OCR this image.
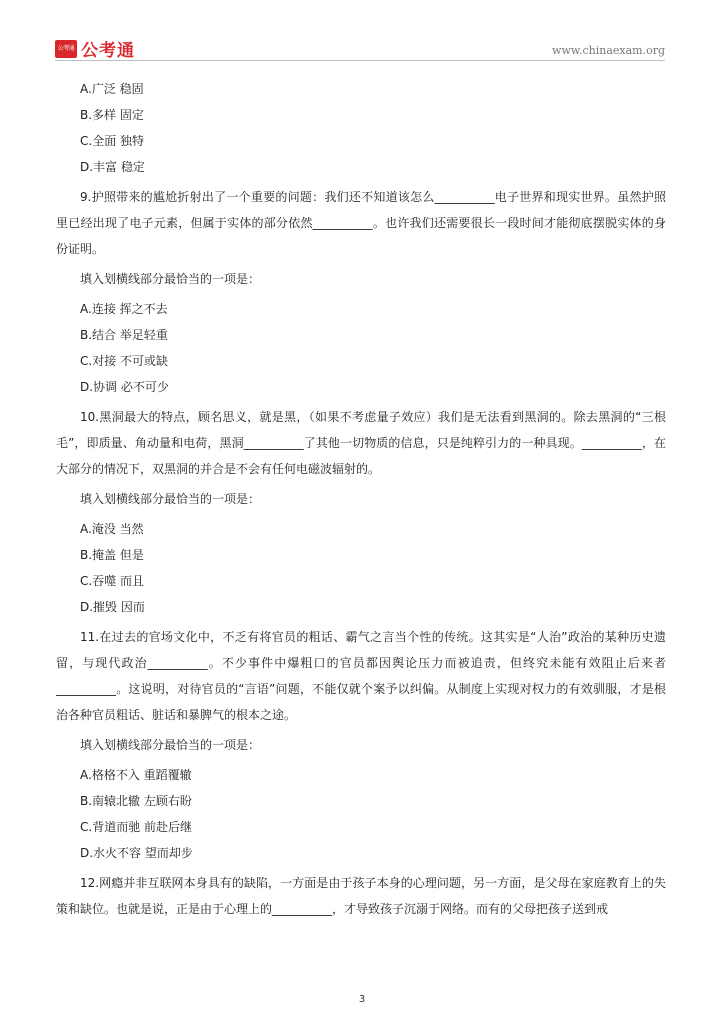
公考通 公考通	www.chinaexam.org
A.广泛 稳固
B.多样 固定
C.全面 独特
D.丰富 稳定

9.护照带来的尴尬折射出了一个重要的问题：我们还不知道该怎么__________电子世界和现实世界。虽然护照里已经出现了电子元素，但属于实体的部分依然__________。也许我们还需要很长一段时间才能彻底摆脱实体的身份证明。

填入划横线部分最恰当的一项是：
A.连接 挥之不去
B.结合 举足轻重
C.对接 不可或缺
D.协调 必不可少

10.黑洞最大的特点，顾名思义，就是黑，（如果不考虑量子效应）我们是无法看到黑洞的。除去黑洞的“三根毛”，即质量、角动量和电荷，黑洞__________了其他一切物质的信息，只是纯粹引力的一种具现。__________，在大部分的情况下，双黑洞的并合是不会有任何电磁波辐射的。

填入划横线部分最恰当的一项是：
A.淹没 当然
B.掩盖 但是
C.吞噬 而且
D.摧毁 因而

11.在过去的官场文化中，不乏有将官员的粗话、霸气之言当个性的传统。这其实是“人治”政治的某种历史遗留，与现代政治__________。不少事件中爆粗口的官员都因舆论压力而被追责，但终究未能有效阻止后来者__________。这说明，对待官员的“言语”问题，不能仅就个案予以纠偏。从制度上实现对权力的有效驯服，才是根治各种官员粗话、脏话和暴脾气的根本之途。

填入划横线部分最恰当的一项是：
A.格格不入 重蹈覆辙
B.南辕北辙 左顾右盼
C.背道而驰 前赴后继
D.水火不容 望而却步

12.网瘾并非互联网本身具有的缺陷，一方面是由于孩子本身的心理问题，另一方面，是父母在家庭教育上的失策和缺位。也就是说，正是由于心理上的__________，才导致孩子沉溺于网络。而有的父母把孩子送到戒

3
